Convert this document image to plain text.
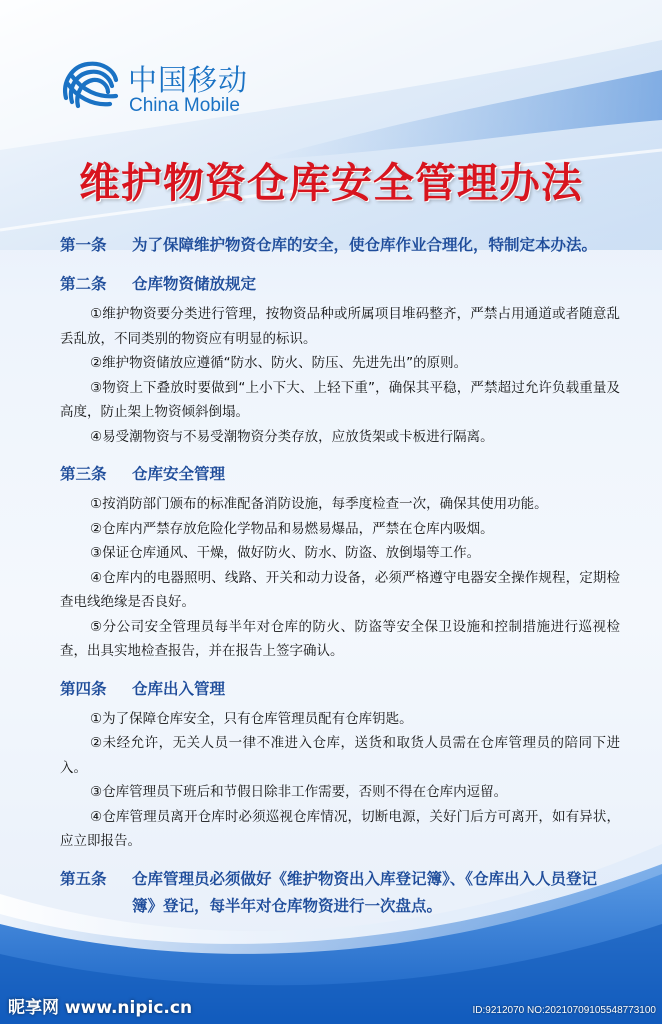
中国移动
China Mobile
维护物资仓库安全管理办法
第一条 为了保障维护物资仓库的安全，使仓库作业合理化，特制定本办法。
第二条 仓库物资储放规定

①维护物资要分类进行管理，按物资品种或所属项目堆码整齐，严禁占用通道或者随意乱丢乱放，不同类别的物资应有明显的标识。

②维护物资储放应遵循“防水、防火、防压、先进先出”的原则。

③物资上下叠放时要做到“上小下大、上轻下重”，确保其平稳，严禁超过允许负载重量及高度，防止架上物资倾斜倒塌。

④易受潮物资与不易受潮物资分类存放，应放货架或卡板进行隔离。

第三条 仓库安全管理

①按消防部门颁布的标准配备消防设施，每季度检查一次，确保其使用功能。

②仓库内严禁存放危险化学物品和易燃易爆品，严禁在仓库内吸烟。

③保证仓库通风、干燥，做好防火、防水、防盗、放倒塌等工作。

④仓库内的电器照明、线路、开关和动力设备，必须严格遵守电器安全操作规程，定期检查电线绝缘是否良好。

⑤分公司安全管理员每半年对仓库的防火、防盗等安全保卫设施和控制措施进行巡视检查，出具实地检查报告，并在报告上签字确认。

第四条 仓库出入管理

①为了保障仓库安全，只有仓库管理员配有仓库钥匙。

②未经允许，无关人员一律不准进入仓库，送货和取货人员需在仓库管理员的陪同下进入。

③仓库管理员下班后和节假日除非工作需要，否则不得在仓库内逗留。

④仓库管理员离开仓库时必须巡视仓库情况，切断电源，关好门后方可离开，如有异状，应立即报告。

第五条 仓库管理员必须做好《维护物资出入库登记簿》、《仓库出入人员登记簿》登记，每半年对仓库物资进行一次盘点。
昵享网 www.nipic.cn	ID:9212070 NO:20210709105548773100
